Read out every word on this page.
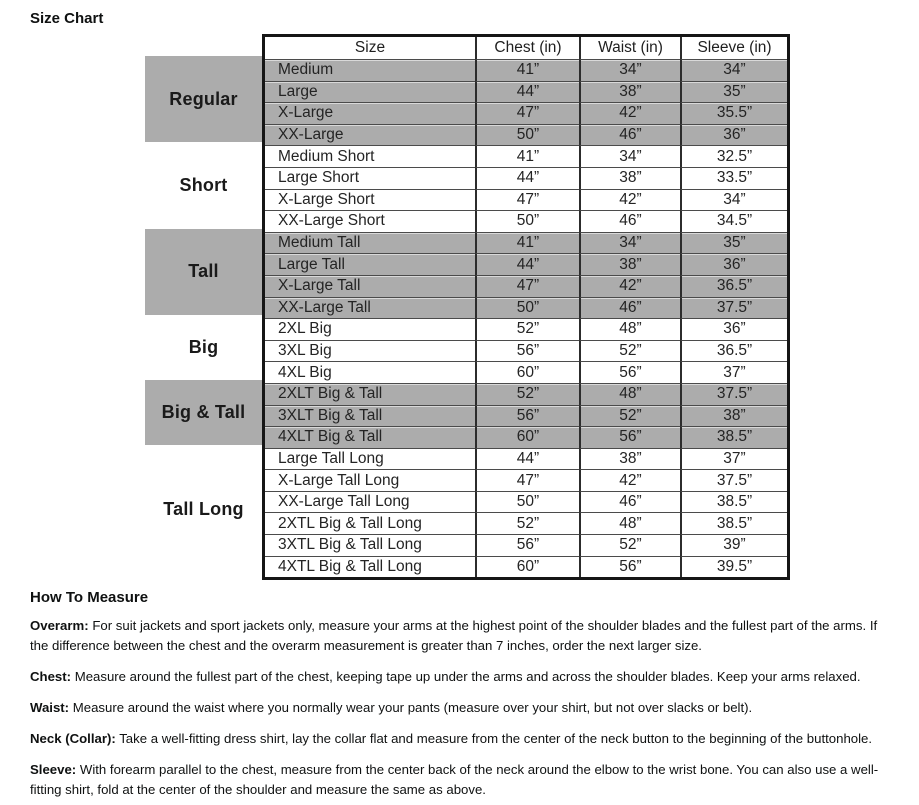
Size Chart
Regular
Short
Tall
Big
Big & Tall
Tall Long
Size	Chest (in)	Waist (in)	Sleeve (in)
Medium	41”	34”	34”
Large	44”	38”	35”
X-Large	47”	42”	35.5”
XX-Large	50”	46”	36”
Medium Short	41”	34”	32.5”
Large Short	44”	38”	33.5”
X-Large Short	47”	42”	34”
XX-Large Short	50”	46”	34.5”
Medium Tall	41”	34”	35”
Large Tall	44”	38”	36”
X-Large Tall	47”	42”	36.5”
XX-Large Tall	50”	46”	37.5”
2XL Big	52”	48”	36”
3XL Big	56”	52”	36.5”
4XL Big	60”	56”	37”
2XLT Big & Tall	52”	48”	37.5”
3XLT Big & Tall	56”	52”	38”
4XLT Big & Tall	60”	56”	38.5”
Large Tall Long	44”	38”	37”
X-Large Tall Long	47”	42”	37.5”
XX-Large Tall Long	50”	46”	38.5”
2XTL Big & Tall Long	52”	48”	38.5”
3XTL Big & Tall Long	56”	52”	39”
4XTL Big & Tall Long	60”	56”	39.5”
How To Measure

Overarm: For suit jackets and sport jackets only, measure your arms at the highest point of the shoulder blades and the fullest part of the arms. If the difference between the chest and the overarm measurement is greater than 7 inches, order the next larger size.

Chest: Measure around the fullest part of the chest, keeping tape up under the arms and across the shoulder blades. Keep your arms relaxed.

Waist: Measure around the waist where you normally wear your pants (measure over your shirt, but not over slacks or belt).

Neck (Collar): Take a well-fitting dress shirt, lay the collar flat and measure from the center of the neck button to the beginning of the buttonhole.

Sleeve: With forearm parallel to the chest, measure from the center back of the neck around the elbow to the wrist bone. You can also use a well-fitting shirt, fold at the center of the shoulder and measure the same as above.
